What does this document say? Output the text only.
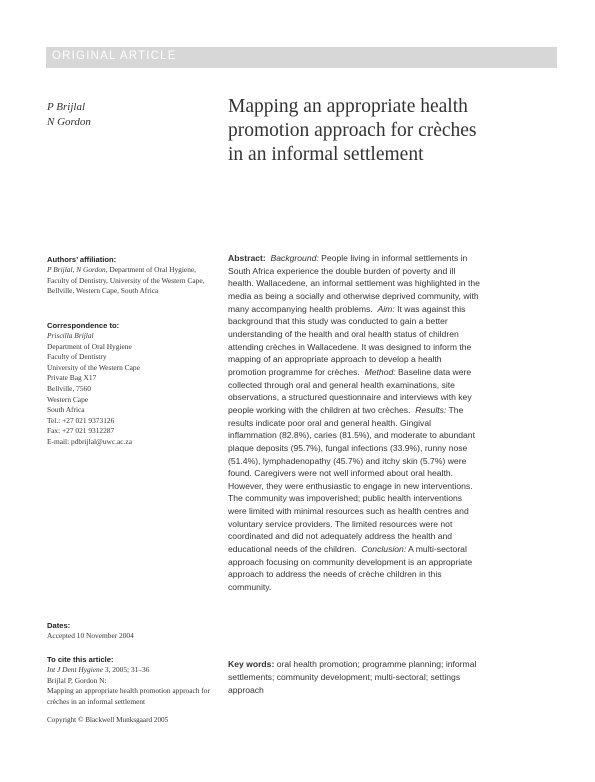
ORIGINAL ARTICLE
P Brijlal
N Gordon
Mapping an appropriate health
promotion approach for crèches
in an informal settlement
Authors’ affiliation:
P Brijlal, N Gordon, Department of Oral Hygiene, Faculty of Dentistry, University of the Western Cape, Bellville, Western Cape, South Africa
Correspondence to:
Priscilla Brijlal
Department of Oral Hygiene
Faculty of Dentistry
University of the Western Cape
Private Bag X17
Bellville, 7560
Western Cape
South Africa
Tel.: +27 021 9373126
Fax: +27 021 9312287
E-mail: pdbrijlal@uwc.ac.za
Dates:
Accepted 10 November 2004
To cite this article:
Int J Dent Hygiene 3, 2005; 31–36
Brijlal P, Gordon N:
Mapping an appropriate health promotion approach for crèches in an informal settlement
Copyright © Blackwell Munksgaard 2005
Abstract: Background: People living in informal settlements in South Africa experience the double burden of poverty and ill health. Wallacedene, an informal settlement was highlighted in the media as being a socially and otherwise deprived community, with many accompanying health problems. Aim: It was against this background that this study was conducted to gain a better understanding of the health and oral health status of children attending crèches in Wallacedene. It was designed to inform the mapping of an appropriate approach to develop a health promotion programme for crèches. Method: Baseline data were collected through oral and general health examinations, site observations, a structured questionnaire and interviews with key people working with the children at two crèches. Results: The results indicate poor oral and general health. Gingival inflammation (82.8%), caries (81.5%), and moderate to abundant plaque deposits (95.7%), fungal infections (33.9%), runny nose (51.4%), lymphadenopathy (45.7%) and itchy skin (5.7%) were found. Caregivers were not well informed about oral health. However, they were enthusiastic to engage in new interventions. The community was impoverished; public health interventions were limited with minimal resources such as health centres and voluntary service providers. The limited resources were not coordinated and did not adequately address the health and educational needs of the children. Conclusion: A multi-sectoral approach focusing on community development is an appropriate approach to address the needs of crèche children in this community.
Key words: oral health promotion; programme planning; informal settlements; community development; multi-sectoral; settings approach
